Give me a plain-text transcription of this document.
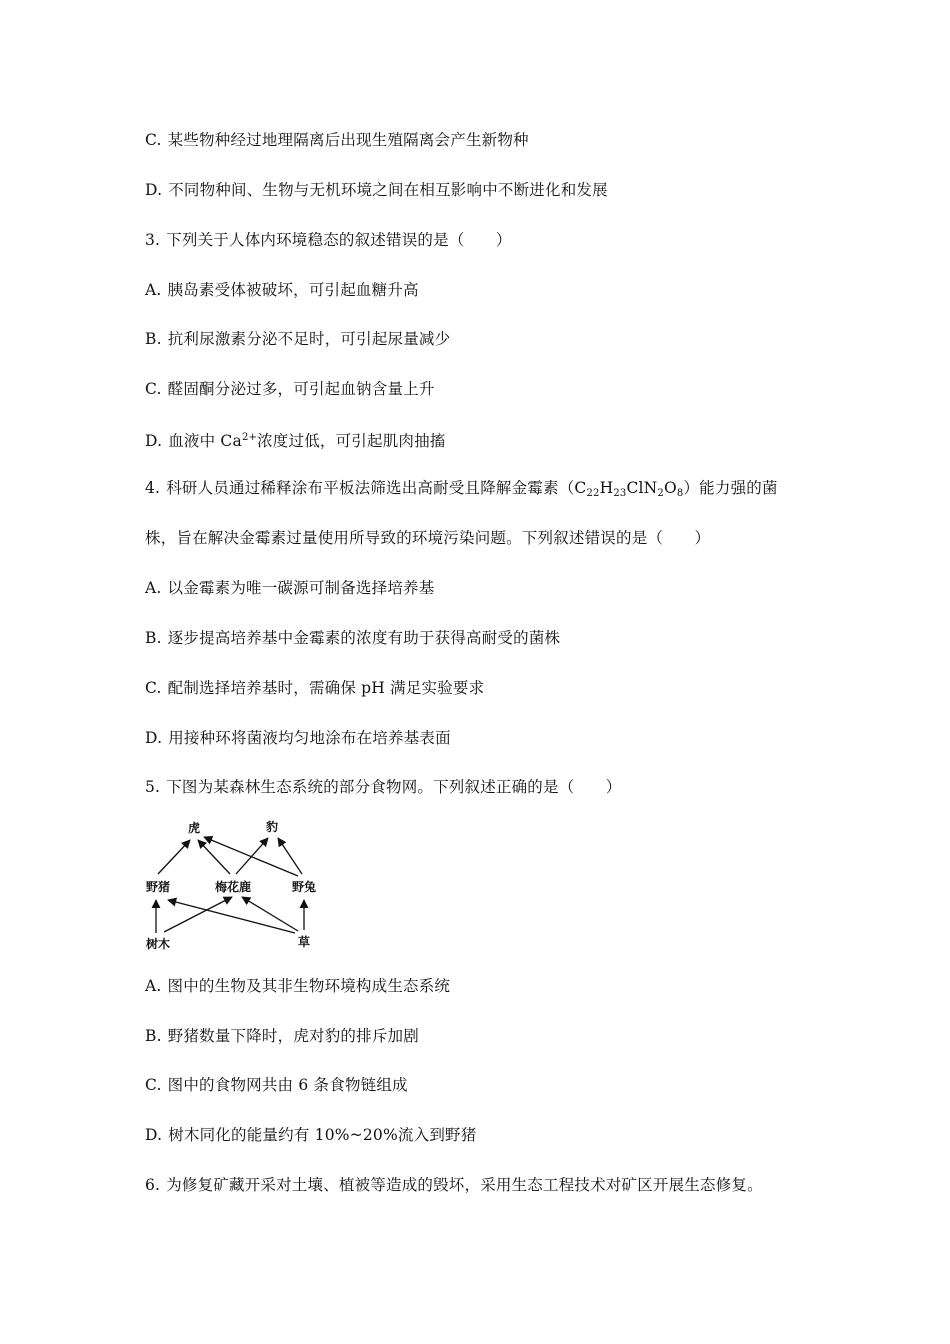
C. 某些物种经过地理隔离后出现生殖隔离会产生新物种
D. 不同物种间、生物与无机环境之间在相互影响中不断进化和发展
3. 下列关于人体内环境稳态的叙述错误的是（　　）
A. 胰岛素受体被破坏，可引起血糖升高
B. 抗利尿激素分泌不足时，可引起尿量减少
C. 醛固酮分泌过多，可引起血钠含量上升
D. 血液中 $Ca^{2+}$浓度过低，可引起肌肉抽搐
4. 科研人员通过稀释涂布平板法筛选出高耐受且降解金霉素$(C_{22}H_{23}ClN_2O_8)$能力强的菌
株，旨在解决金霉素过量使用所导致的环境污染问题。下列叙述错误的是（　　）
A. 以金霉素为唯一碳源可制备选择培养基
B. 逐步提高培养基中金霉素的浓度有助于获得高耐受的菌株
C. 配制选择培养基时，需确保 pH 满足实验要求
D. 用接种环将菌液均匀地涂布在培养基表面
5. 下图为某森林生态系统的部分食物网。下列叙述正确的是（　　）
虎	豹
野猪	梅花鹿	野兔
树木	草
A. 图中的生物及其非生物环境构成生态系统
B. 野猪数量下降时，虎对豹的排斥加剧
C. 图中的食物网共由 6 条食物链组成
D. 树木同化的能量约有 10%~20%流入到野猪
6. 为修复矿藏开采对土壤、植被等造成的毁坏，采用生态工程技术对矿区开展生态修复。
